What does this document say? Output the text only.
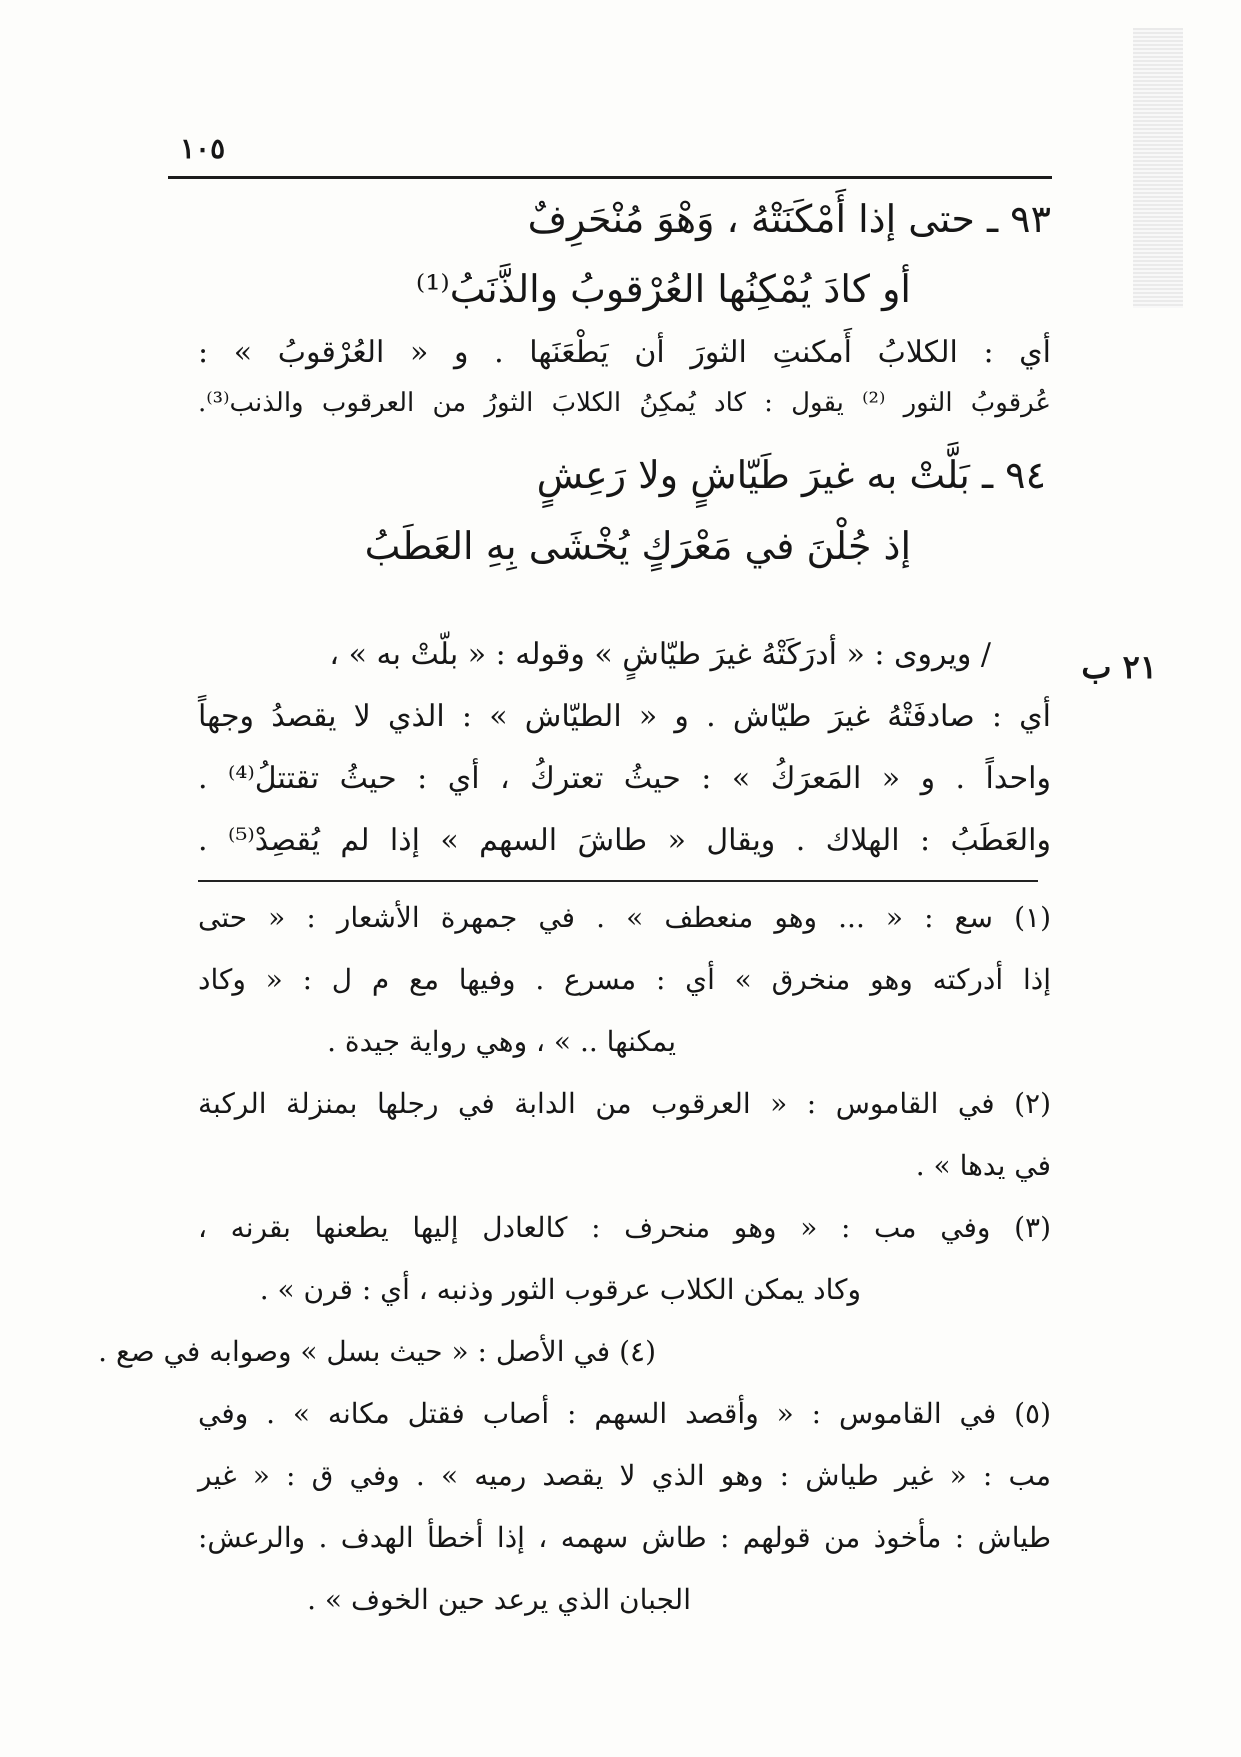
١٠٥
٩٣ ـ حتى إذا أَمْكَنَتْهُ ، وَهْوَ مُنْحَرِفٌ
أو كادَ يُمْكِنُها العُرْقوبُ والذَّنَبُ⁽¹⁾
أي : الكلابُ أَمكنتِ الثورَ أن يَطْعَنَها . و « العُرْقوبُ » :
عُرقوبُ الثور ⁽²⁾ يقول : كاد يُمكِنُ الكلابَ الثورُ من العرقوب والذنب⁽³⁾.
٩٤ ـ بَلَّتْ به غيرَ طَيّاشٍ ولا رَعِشٍ
إذ جُلْنَ في مَعْرَكٍ يُخْشَى بِهِ العَطَبُ
٢١ ب
/ ويروى : « أدرَكَتْهُ غيرَ طيّاشٍ » وقوله : « بلّتْ به » ،
أي : صادفَتْهُ غيرَ طيّاش . و « الطيّاش » : الذي لا يقصدُ وجهاً
واحداً . و « المَعرَكُ » : حيثُ تعتركُ ، أي : حيثُ تقتتلُ⁽⁴⁾ .
والعَطَبُ : الهلاك . ويقال « طاشَ السهم » إذا لم يُقصِدْ⁽⁵⁾ .
(١) سع : « ... وهو منعطف » . في جمهرة الأشعار : « حتى
إذا أدركته وهو منخرق » أي : مسرع . وفيها مع م ل : « وكاد
يمكنها .. » ، وهي رواية جيدة .
(٢) في القاموس : « العرقوب من الدابة في رجلها بمنزلة الركبة
في يدها » .
(٣) وفي مب : « وهو منحرف : كالعادل إليها يطعنها بقرنه ،
وكاد يمكن الكلاب عرقوب الثور وذنبه ، أي : قرن » .
(٤) في الأصل : « حيث بسل » وصوابه في صع .
(٥) في القاموس : « وأقصد السهم : أصاب فقتل مكانه » . وفي
مب : « غير طياش : وهو الذي لا يقصد رميه » . وفي ق : « غير
طياش : مأخوذ من قولهم : طاش سهمه ، إذا أخطأ الهدف . والرعش:
الجبان الذي يرعد حين الخوف » .
